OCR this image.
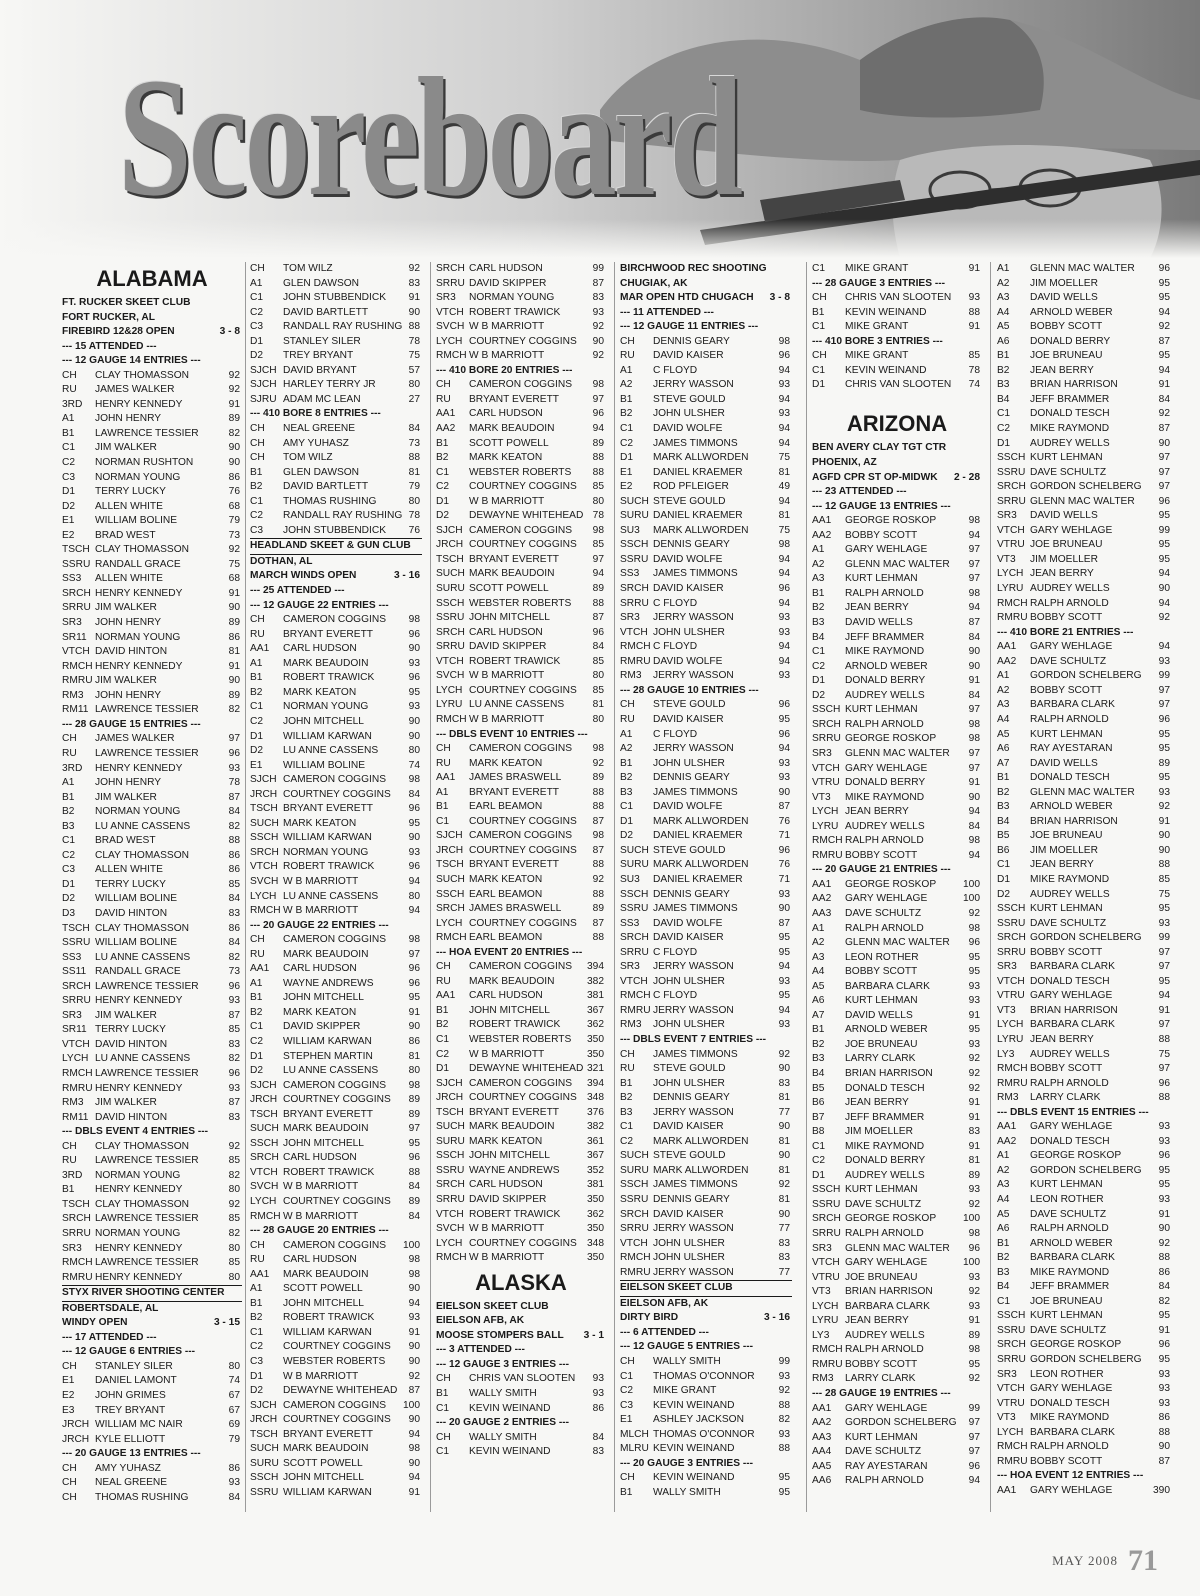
Scoreboard
ALABAMA
FT. RUCKER SKEET CLUB
FORT RUCKER, AL
FIREBIRD 12&28 OPEN	3 - 8
--- 15 ATTENDED ---
--- 12 GAUGE 14 ENTRIES ---
CH CLAY THOMASSON	92
RU JAMES WALKER	92
3RD HENRY KENNEDY	91
A1 JOHN HENRY	89
B1 LAWRENCE TESSIER	82
C1 JIM WALKER	90
C2 NORMAN RUSHTON	90
C3 NORMAN YOUNG	86
D1 TERRY LUCKY	76
D2 ALLEN WHITE	68
E1 WILLIAM BOLINE	79
E2 BRAD WEST	73
TSCH CLAY THOMASSON	92
SSRU RANDALL GRACE	75
SS3 ALLEN WHITE	68
SRCH HENRY KENNEDY	91
SRRU JIM WALKER	90
SR3 JOHN HENRY	89
SR11 NORMAN YOUNG	86
VTCH DAVID HINTON	81
RMCH HENRY KENNEDY	91
RMRU JIM WALKER	90
RM3 JOHN HENRY	89
RM11 LAWRENCE TESSIER	82
--- 28 GAUGE 15 ENTRIES ---
CH JAMES WALKER	97
RU LAWRENCE TESSIER	96
3RD HENRY KENNEDY	93
A1 JOHN HENRY	78
B1 JIM WALKER	87
B2 NORMAN YOUNG	84
B3 LU ANNE CASSENS	82
C1 BRAD WEST	88
C2 CLAY THOMASSON	86
C3 ALLEN WHITE	86
D1 TERRY LUCKY	85
D2 WILLIAM BOLINE	84
D3 DAVID HINTON	83
TSCH CLAY THOMASSON	86
SSRU WILLIAM BOLINE	84
SS3 LU ANNE CASSENS	82
SS11 RANDALL GRACE	73
SRCH LAWRENCE TESSIER	96
SRRU HENRY KENNEDY	93
SR3 JIM WALKER	87
SR11 TERRY LUCKY	85
VTCH DAVID HINTON	83
LYCH LU ANNE CASSENS	82
RMCH LAWRENCE TESSIER	96
RMRU HENRY KENNEDY	93
RM3 JIM WALKER	87
RM11 DAVID HINTON	83
--- DBLS EVENT 4 ENTRIES ---
CH CLAY THOMASSON	92
RU LAWRENCE TESSIER	85
3RD NORMAN YOUNG	82
B1 HENRY KENNEDY	80
TSCH CLAY THOMASSON	92
SRCH LAWRENCE TESSIER	85
SRRU NORMAN YOUNG	82
SR3 HENRY KENNEDY	80
RMCH LAWRENCE TESSIER	85
RMRU HENRY KENNEDY	80
STYX RIVER SHOOTING CENTER
ROBERTSDALE, AL
WINDY OPEN	3 - 15
--- 17 ATTENDED ---
--- 12 GAUGE 6 ENTRIES ---
CH STANLEY SILER	80
E1 DANIEL LAMONT	74
E2 JOHN GRIMES	67
E3 TREY BRYANT	67
JRCH WILLIAM MC NAIR	69
JRCH KYLE ELLIOTT	79
--- 20 GAUGE 13 ENTRIES ---
CH AMY YUHASZ	86
CH NEAL GREENE	93
CH THOMAS RUSHING	84
CH TOM WILZ	92
A1 GLEN DAWSON	83
C1 JOHN STUBBENDICK 91
C2 DAVID BARTLETT	90
C3 RANDALL RAY RUSHING 88
D1 STANLEY SILER	78
D2 TREY BRYANT	75
SJCH DAVID BRYANT	57
SJCH HARLEY TERRY JR	80
SJRU ADAM MC LEAN	27
--- 410 BORE 8 ENTRIES ---
CH NEAL GREENE	84
CH AMY YUHASZ	73
CH TOM WILZ	88
B1 GLEN DAWSON	81
B2 DAVID BARTLETT	79
C1 THOMAS RUSHING	80
C2 RANDALL RAY RUSHING 78
C3 JOHN STUBBENDICK 76
HEADLAND SKEET & GUN CLUB
DOTHAN, AL
MARCH WINDS OPEN	3 - 16
--- 25 ATTENDED ---
--- 12 GAUGE 22 ENTRIES ---
CH CAMERON COGGINS 98
RU BRYANT EVERETT	96
AA1 CARL HUDSON	90
A1 MARK BEAUDOIN	93
B1 ROBERT TRAWICK	96
B2 MARK KEATON	95
C1 NORMAN YOUNG	93
C2 JOHN MITCHELL	90
D1 WILLIAM KARWAN	90
D2 LU ANNE CASSENS	80
E1 WILLIAM BOLINE	74
SJCH CAMERON COGGINS 98
JRCH COURTNEY COGGINS 84
TSCH BRYANT EVERETT	96
SUCH MARK KEATON	95
SSCH WILLIAM KARWAN	90
SRCH NORMAN YOUNG	93
VTCH ROBERT TRAWICK	96
SVCH W B MARRIOTT	94
LYCH LU ANNE CASSENS	80
RMCH W B MARRIOTT	94
--- 20 GAUGE 22 ENTRIES ---
CH CAMERON COGGINS 98
RU MARK BEAUDOIN	97
AA1 CARL HUDSON	96
A1 WAYNE ANDREWS	96
B1 JOHN MITCHELL	95
B2 MARK KEATON	91
C1 DAVID SKIPPER	90
C2 WILLIAM KARWAN	86
D1 STEPHEN MARTIN	81
D2 LU ANNE CASSENS	80
SJCH CAMERON COGGINS 98
JRCH COURTNEY COGGINS 89
TSCH BRYANT EVERETT	89
SUCH MARK BEAUDOIN	97
SSCH JOHN MITCHELL	95
SRCH CARL HUDSON	96
VTCH ROBERT TRAWICK	88
SVCH W B MARRIOTT	84
LYCH COURTNEY COGGINS 89
RMCH W B MARRIOTT	84
--- 28 GAUGE 20 ENTRIES ---
CH CAMERON COGGINS 100
RU CARL HUDSON	98
AA1 MARK BEAUDOIN	98
A1 SCOTT POWELL	90
B1 JOHN MITCHELL	94
B2 ROBERT TRAWICK	93
C1 WILLIAM KARWAN	91
C2 COURTNEY COGGINS 90
C3 WEBSTER ROBERTS 90
D1 W B MARRIOTT	92
D2 DEWAYNE WHITEHEAD 87
SJCH CAMERON COGGINS 100
JRCH COURTNEY COGGINS 90
TSCH BRYANT EVERETT	94
SUCH MARK BEAUDOIN	98
SURU SCOTT POWELL	90
SSCH JOHN MITCHELL	94
SSRU WILLIAM KARWAN	91
SRCH CARL HUDSON	99
SRRU DAVID SKIPPER	87
SR3 NORMAN YOUNG	83
VTCH ROBERT TRAWICK	93
SVCH W B MARRIOTT	92
LYCH COURTNEY COGGINS 90
RMCH W B MARRIOTT	92
--- 410 BORE 20 ENTRIES ---
CH CAMERON COGGINS 98
RU BRYANT EVERETT	97
AA1 CARL HUDSON	96
AA2 MARK BEAUDOIN	94
B1 SCOTT POWELL	89
B2 MARK KEATON	88
C1 WEBSTER ROBERTS 88
C2 COURTNEY COGGINS 85
D1 W B MARRIOTT	80
D2 DEWAYNE WHITEHEAD 78
SJCH CAMERON COGGINS 98
JRCH COURTNEY COGGINS 85
TSCH BRYANT EVERETT	97
SUCH MARK BEAUDOIN	94
SURU SCOTT POWELL	89
SSCH WEBSTER ROBERTS 88
SSRU JOHN MITCHELL	87
SRCH CARL HUDSON	96
SRRU DAVID SKIPPER	84
VTCH ROBERT TRAWICK	85
SVCH W B MARRIOTT	80
LYCH COURTNEY COGGINS 85
LYRU LU ANNE CASSENS	81
RMCH W B MARRIOTT	80
--- DBLS EVENT 10 ENTRIES ---
CH CAMERON COGGINS 98
RU MARK KEATON	92
AA1 JAMES BRASWELL	89
A1 BRYANT EVERETT	88
B1 EARL BEAMON	88
C1 COURTNEY COGGINS 87
SJCH CAMERON COGGINS 98
JRCH COURTNEY COGGINS 87
TSCH BRYANT EVERETT	88
SUCH MARK KEATON	92
SSCH EARL BEAMON	88
SRCH JAMES BRASWELL	89
LYCH COURTNEY COGGINS 87
RMCH EARL BEAMON	88
--- HOA EVENT 20 ENTRIES ---
CH CAMERON COGGINS 394
RU MARK BEAUDOIN	382
AA1 CARL HUDSON	381
B1 JOHN MITCHELL	367
B2 ROBERT TRAWICK	362
C1 WEBSTER ROBERTS 350
C2 W B MARRIOTT	350
D1 DEWAYNE WHITEHEAD 321
SJCH CAMERON COGGINS 394
JRCH COURTNEY COGGINS 348
TSCH BRYANT EVERETT	376
SUCH MARK BEAUDOIN	382
SURU MARK KEATON	361
SSCH JOHN MITCHELL	367
SSRU WAYNE ANDREWS	352
SRCH CARL HUDSON	381
SRRU DAVID SKIPPER	350
VTCH ROBERT TRAWICK	362
SVCH W B MARRIOTT	350
LYCH COURTNEY COGGINS 348
RMCH W B MARRIOTT	350
ALASKA
EIELSON SKEET CLUB
EIELSON AFB, AK
MOOSE STOMPERS BALL 3 - 1
--- 3 ATTENDED ---
--- 12 GAUGE 3 ENTRIES ---
CH CHRIS VAN SLOOTEN 93
B1 WALLY SMITH	93
C1 KEVIN WEINAND	86
--- 20 GAUGE 2 ENTRIES ---
CH WALLY SMITH	84
C1 KEVIN WEINAND	83
BIRCHWOOD REC SHOOTING
CHUGIAK, AK
MAR OPEN HTD CHUGACH 3 - 8
--- 11 ATTENDED ---
--- 12 GAUGE 11 ENTRIES ---
CH DENNIS GEARY	98
RU DAVID KAISER	96
A1 C FLOYD	94
A2 JERRY WASSON	93
B1 STEVE GOULD	94
B2 JOHN ULSHER	93
C1 DAVID WOLFE	94
C2 JAMES TIMMONS	94
D1 MARK ALLWORDEN	75
E1 DANIEL KRAEMER	81
E2 ROD PFLEIGER	49
SUCH STEVE GOULD	94
SURU DANIEL KRAEMER	81
SU3 MARK ALLWORDEN	75
SSCH DENNIS GEARY	98
SSRU DAVID WOLFE	94
SS3 JAMES TIMMONS	94
SRCH DAVID KAISER	96
SRRU C FLOYD	94
SR3 JERRY WASSON	93
VTCH JOHN ULSHER	93
RMCH C FLOYD	94
RMRU DAVID WOLFE	94
RM3 JERRY WASSON	93
--- 28 GAUGE 10 ENTRIES ---
CH STEVE GOULD	96
RU DAVID KAISER	95
A1 C FLOYD	96
A2 JERRY WASSON	94
B1 JOHN ULSHER	93
B2 DENNIS GEARY	93
B3 JAMES TIMMONS	90
C1 DAVID WOLFE	87
D1 MARK ALLWORDEN	76
D2 DANIEL KRAEMER	71
SUCH STEVE GOULD	96
SURU MARK ALLWORDEN	76
SU3 DANIEL KRAEMER	71
SSCH DENNIS GEARY	93
SSRU JAMES TIMMONS	90
SS3 DAVID WOLFE	87
SRCH DAVID KAISER	95
SRRU C FLOYD	95
SR3 JERRY WASSON	94
VTCH JOHN ULSHER	93
RMCH C FLOYD	95
RMRU JERRY WASSON	94
RM3 JOHN ULSHER	93
--- DBLS EVENT 7 ENTRIES ---
CH JAMES TIMMONS	92
RU STEVE GOULD	90
B1 JOHN ULSHER	83
B2 DENNIS GEARY	81
B3 JERRY WASSON	77
C1 DAVID KAISER	90
C2 MARK ALLWORDEN	81
SUCH STEVE GOULD	90
SURU MARK ALLWORDEN	81
SSCH JAMES TIMMONS	92
SSRU DENNIS GEARY	81
SRCH DAVID KAISER	90
SRRU JERRY WASSON	77
VTCH JOHN ULSHER	83
RMCH JOHN ULSHER	83
RMRU JERRY WASSON	77
EIELSON SKEET CLUB
EIELSON AFB, AK
DIRTY BIRD	3 - 16
--- 6 ATTENDED ---
--- 12 GAUGE 5 ENTRIES ---
CH WALLY SMITH	99
C1 THOMAS O'CONNOR 93
C2 MIKE GRANT	92
C3 KEVIN WEINAND	88
E1 ASHLEY JACKSON	82
MLCH THOMAS O'CONNOR 93
MLRU KEVIN WEINAND	88
--- 20 GAUGE 3 ENTRIES ---
CH KEVIN WEINAND	95
B1 WALLY SMITH	95
C1 MIKE GRANT	91
--- 28 GAUGE 3 ENTRIES ---
CH CHRIS VAN SLOOTEN 93
B1 KEVIN WEINAND	88
C1 MIKE GRANT	91
--- 410 BORE 3 ENTRIES ---
CH MIKE GRANT	85
C1 KEVIN WEINAND	78
D1 CHRIS VAN SLOOTEN 74
ARIZONA
BEN AVERY CLAY TGT CTR
PHOENIX, AZ
AGFD CPR ST OP-MIDWK 2 - 28
--- 23 ATTENDED ---
--- 12 GAUGE 13 ENTRIES ---
AA1 GEORGE ROSKOP	98
AA2 BOBBY SCOTT	94
A1 GARY WEHLAGE	97
A2 GLENN MAC WALTER 97
A3 KURT LEHMAN	97
B1 RALPH ARNOLD	98
B2 JEAN BERRY	94
B3 DAVID WELLS	87
B4 JEFF BRAMMER	84
C1 MIKE RAYMOND	90
C2 ARNOLD WEBER	90
D1 DONALD BERRY	91
D2 AUDREY WELLS	84
SSCH KURT LEHMAN	97
SRCH RALPH ARNOLD	98
SRRU GEORGE ROSKOP	98
SR3 GLENN MAC WALTER 97
VTCH GARY WEHLAGE	97
VTRU DONALD BERRY	91
VT3 MIKE RAYMOND	90
LYCH JEAN BERRY	94
LYRU AUDREY WELLS	84
RMCH RALPH ARNOLD	98
RMRU BOBBY SCOTT	94
--- 20 GAUGE 21 ENTRIES ---
AA1 GEORGE ROSKOP	100
AA2 GARY WEHLAGE	100
AA3 DAVE SCHULTZ	92
A1 RALPH ARNOLD	98
A2 GLENN MAC WALTER 96
A3 LEON ROTHER	95
A4 BOBBY SCOTT	95
A5 BARBARA CLARK	93
A6 KURT LEHMAN	93
A7 DAVID WELLS	91
B1 ARNOLD WEBER	95
B2 JOE BRUNEAU	93
B3 LARRY CLARK	92
B4 BRIAN HARRISON	92
B5 DONALD TESCH	92
B6 JEAN BERRY	91
B7 JEFF BRAMMER	91
B8 JIM MOELLER	83
C1 MIKE RAYMOND	91
C2 DONALD BERRY	81
D1 AUDREY WELLS	89
SSCH KURT LEHMAN	93
SSRU DAVE SCHULTZ	92
SRCH GEORGE ROSKOP	100
SRRU RALPH ARNOLD	98
SR3 GLENN MAC WALTER 96
VTCH GARY WEHLAGE	100
VTRU JOE BRUNEAU	93
VT3 BRIAN HARRISON	92
LYCH BARBARA CLARK	93
LYRU JEAN BERRY	91
LY3 AUDREY WELLS	89
RMCH RALPH ARNOLD	98
RMRU BOBBY SCOTT	95
RM3 LARRY CLARK	92
--- 28 GAUGE 19 ENTRIES ---
AA1 GARY WEHLAGE	99
AA2 GORDON SCHELBERG 97
AA3 KURT LEHMAN	97
AA4 DAVE SCHULTZ	97
AA5 RAY AYESTARAN	96
AA6 RALPH ARNOLD	94
A1 GLENN MAC WALTER 96
A2 JIM MOELLER	95
A3 DAVID WELLS	95
A4 ARNOLD WEBER	94
A5 BOBBY SCOTT	92
A6 DONALD BERRY	87
B1 JOE BRUNEAU	95
B2 JEAN BERRY	94
B3 BRIAN HARRISON	91
B4 JEFF BRAMMER	84
C1 DONALD TESCH	92
C2 MIKE RAYMOND	87
D1 AUDREY WELLS	90
SSCH KURT LEHMAN	97
SSRU DAVE SCHULTZ	97
SRCH GORDON SCHELBERG 97
SRRU GLENN MAC WALTER 96
SR3 DAVID WELLS	95
VTCH GARY WEHLAGE	99
VTRU JOE BRUNEAU	95
VT3 JIM MOELLER	95
LYCH JEAN BERRY	94
LYRU AUDREY WELLS	90
RMCH RALPH ARNOLD	94
RMRU BOBBY SCOTT	92
--- 410 BORE 21 ENTRIES ---
AA1 GARY WEHLAGE	94
AA2 DAVE SCHULTZ	93
A1 GORDON SCHELBERG 99
A2 BOBBY SCOTT	97
A3 BARBARA CLARK	97
A4 RALPH ARNOLD	96
A5 KURT LEHMAN	95
A6 RAY AYESTARAN	95
A7 DAVID WELLS	89
B1 DONALD TESCH	95
B2 GLENN MAC WALTER 93
B3 ARNOLD WEBER	92
B4 BRIAN HARRISON	91
B5 JOE BRUNEAU	90
B6 JIM MOELLER	90
C1 JEAN BERRY	88
D1 MIKE RAYMOND	85
D2 AUDREY WELLS	75
SSCH KURT LEHMAN	95
SSRU DAVE SCHULTZ	93
SRCH GORDON SCHELBERG 99
SRRU BOBBY SCOTT	97
SR3 BARBARA CLARK	97
VTCH DONALD TESCH	95
VTRU GARY WEHLAGE	94
VT3 BRIAN HARRISON	91
LYCH BARBARA CLARK	97
LYRU JEAN BERRY	88
LY3 AUDREY WELLS	75
RMCH BOBBY SCOTT	97
RMRU RALPH ARNOLD	96
RM3 LARRY CLARK	88
--- DBLS EVENT 15 ENTRIES ---
AA1 GARY WEHLAGE	93
AA2 DONALD TESCH	93
A1 GEORGE ROSKOP	96
A2 GORDON SCHELBERG 95
A3 KURT LEHMAN	95
A4 LEON ROTHER	93
A5 DAVE SCHULTZ	91
A6 RALPH ARNOLD	90
B1 ARNOLD WEBER	92
B2 BARBARA CLARK	88
B3 MIKE RAYMOND	86
B4 JEFF BRAMMER	84
C1 JOE BRUNEAU	82
SSCH KURT LEHMAN	95
SSRU DAVE SCHULTZ	91
SRCH GEORGE ROSKOP	96
SRRU GORDON SCHELBERG 95
SR3 LEON ROTHER	93
VTCH GARY WEHLAGE	93
VTRU DONALD TESCH	93
VT3 MIKE RAYMOND	86
LYCH BARBARA CLARK	88
RMCH RALPH ARNOLD	90
RMRU BOBBY SCOTT	87
--- HOA EVENT 12 ENTRIES ---
AA1 GARY WEHLAGE	390
MAY 2008 71
